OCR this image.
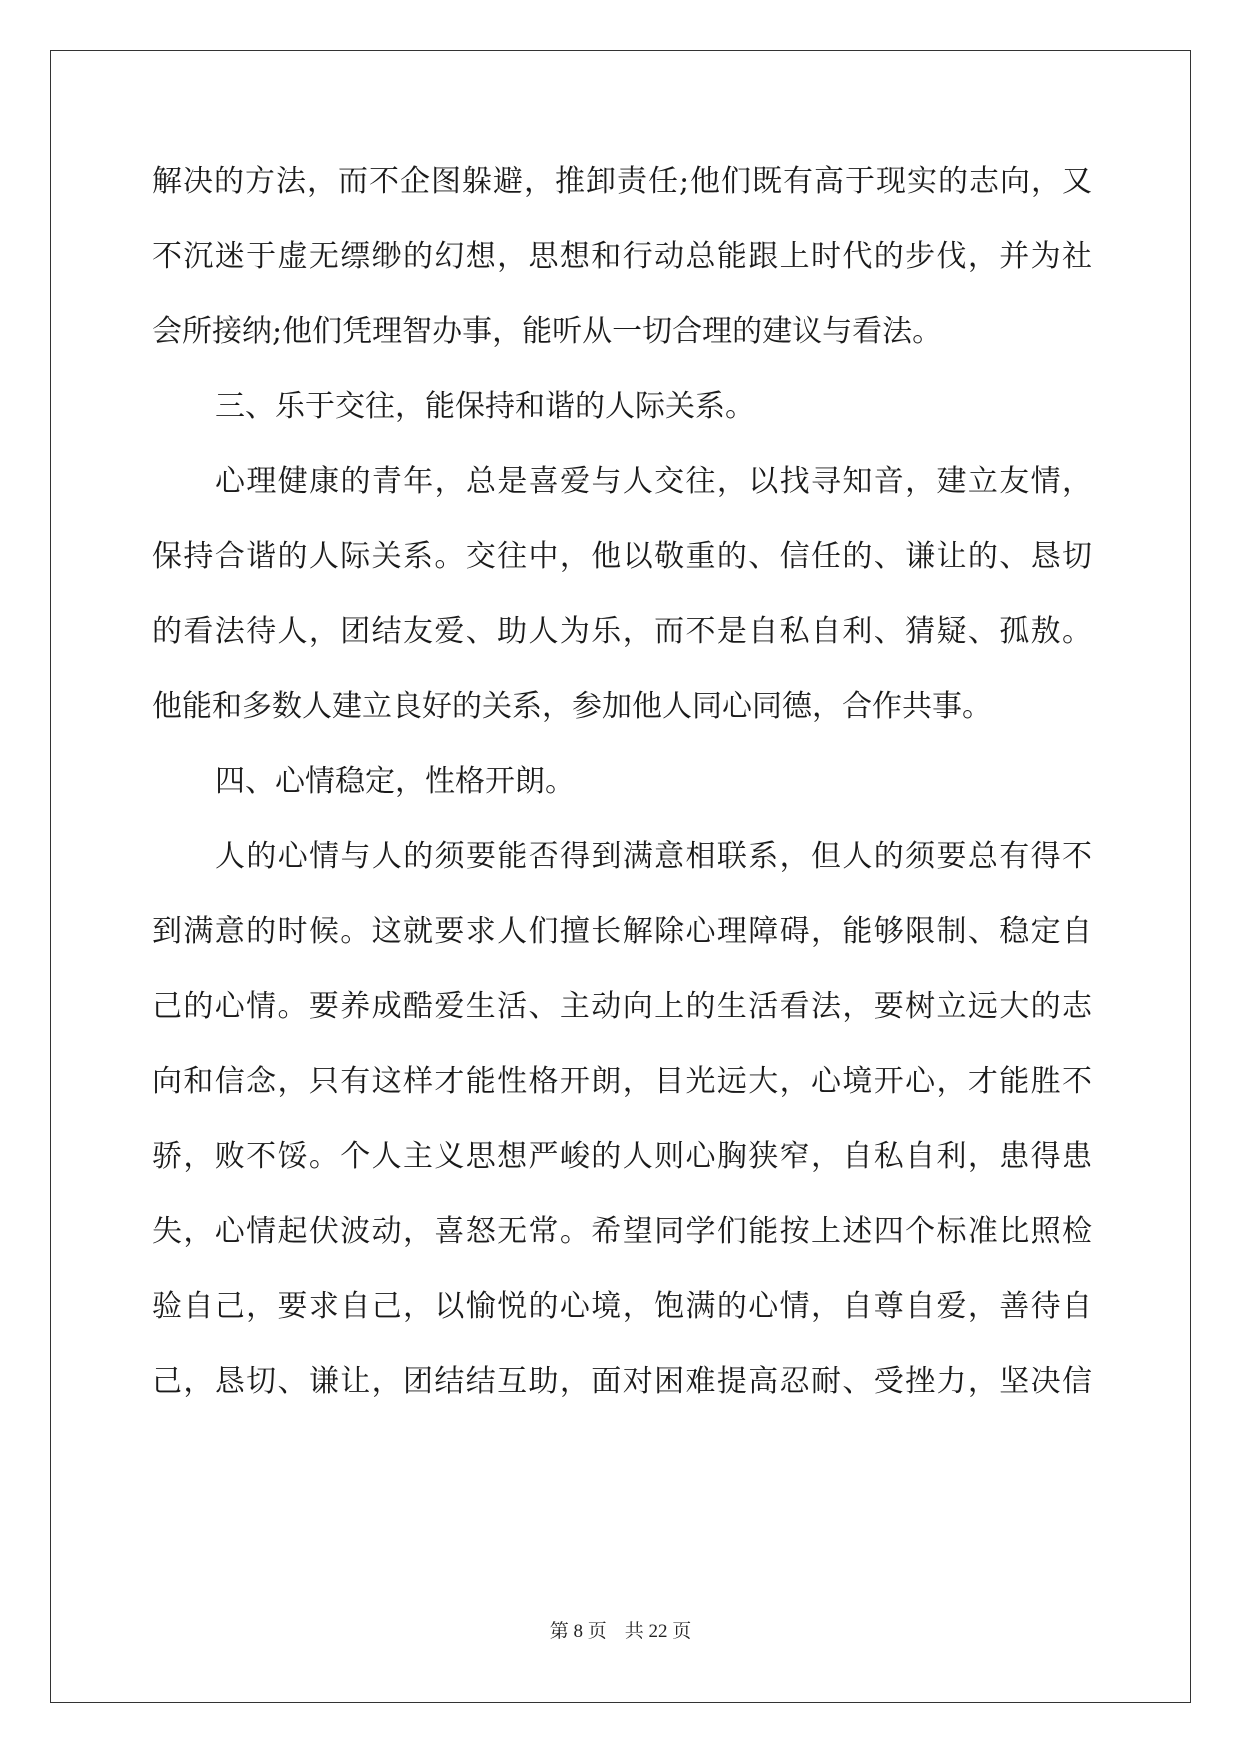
解决的方法，而不企图躲避，推卸责任;他们既有高于现实的志向，又
不沉迷于虚无缥缈的幻想，思想和行动总能跟上时代的步伐，并为社
会所接纳;他们凭理智办事，能听从一切合理的建议与看法。
三、乐于交往，能保持和谐的人际关系。
心理健康的青年，总是喜爱与人交往，以找寻知音，建立友情，
保持合谐的人际关系。交往中，他以敬重的、信任的、谦让的、恳切
的看法待人，团结友爱、助人为乐，而不是自私自利、猜疑、孤敖。
他能和多数人建立良好的关系，参加他人同心同德，合作共事。
四、心情稳定，性格开朗。
人的心情与人的须要能否得到满意相联系，但人的须要总有得不
到满意的时候。这就要求人们擅长解除心理障碍，能够限制、稳定自
己的心情。要养成酷爱生活、主动向上的生活看法，要树立远大的志
向和信念，只有这样才能性格开朗，目光远大，心境开心，才能胜不
骄，败不馁。个人主义思想严峻的人则心胸狭窄，自私自利，患得患
失，心情起伏波动，喜怒无常。希望同学们能按上述四个标准比照检
验自己，要求自己，以愉悦的心境，饱满的心情，自尊自爱，善待自
己，恳切、谦让，团结结互助，面对困难提高忍耐、受挫力，坚决信
第 8 页 共 22 页
